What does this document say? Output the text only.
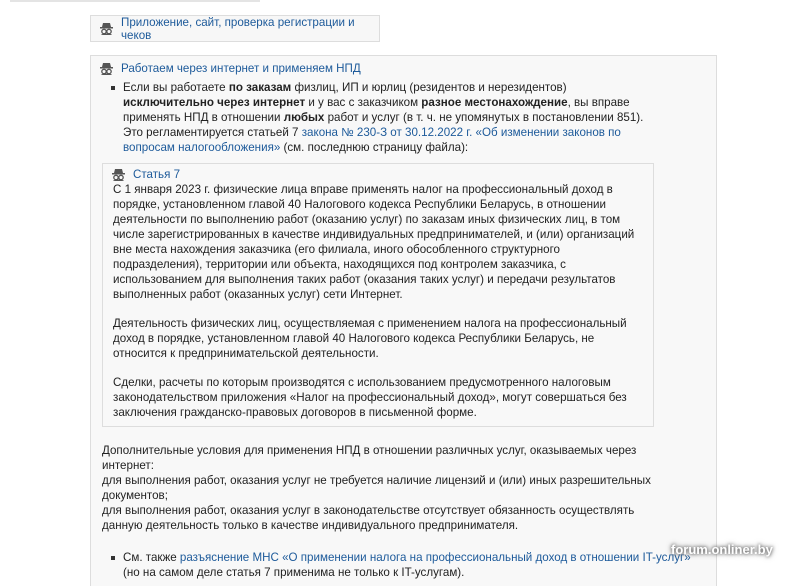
Приложение, сайт, проверка регистрации и чеков
Работаем через интернет и применяем НПД
Если вы работаете по заказам физлиц, ИП и юрлиц (резидентов и нерезидентов) исключительно через интернет и у вас с заказчиком разное местонахождение, вы вправе применять НПД в отношении любых работ и услуг (в т. ч. не упомянутых в постановлении 851). Это регламентируется статьей 7 закона № 230-З от 30.12.2022 г. «Об изменении законов по вопросам налогообложения» (см. последнюю страницу файла):
Статья 7

С 1 января 2023 г. физические лица вправе применять налог на профессиональный доход в порядке, установленном главой 40 Налогового кодекса Республики Беларусь, в отношении деятельности по выполнению работ (оказанию услуг) по заказам иных физических лиц, в том числе зарегистрированных в качестве индивидуальных предпринимателей, и (или) организаций вне места нахождения заказчика (его филиала, иного обособленного структурного подразделения), территории или объекта, находящихся под контролем заказчика, с использованием для выполнения таких работ (оказания таких услуг) и передачи результатов выполненных работ (оказанных услуг) сети Интернет.

Деятельность физических лиц, осуществляемая с применением налога на профессиональный доход в порядке, установленном главой 40 Налогового кодекса Республики Беларусь, не относится к предпринимательской деятельности.

Сделки, расчеты по которым производятся с использованием предусмотренного налоговым законодательством приложения «Налог на профессиональный доход», могут совершаться без заключения гражданско-правовых договоров в письменной форме.

Дополнительные условия для применения НПД в отношении различных услуг, оказываемых через интернет:
для выполнения работ, оказания услуг не требуется наличие лицензий и (или) иных разрешительных документов;
для выполнения работ, оказания услуг в законодательстве отсутствует обязанность осуществлять данную деятельность только в качестве индивидуального предпринимателя.
См. также разъяснение МНС «О применении налога на профессиональный доход в отношении IT-услуг» (но на самом деле статья 7 применима не только к IT-услугам).
forum.onliner.by
